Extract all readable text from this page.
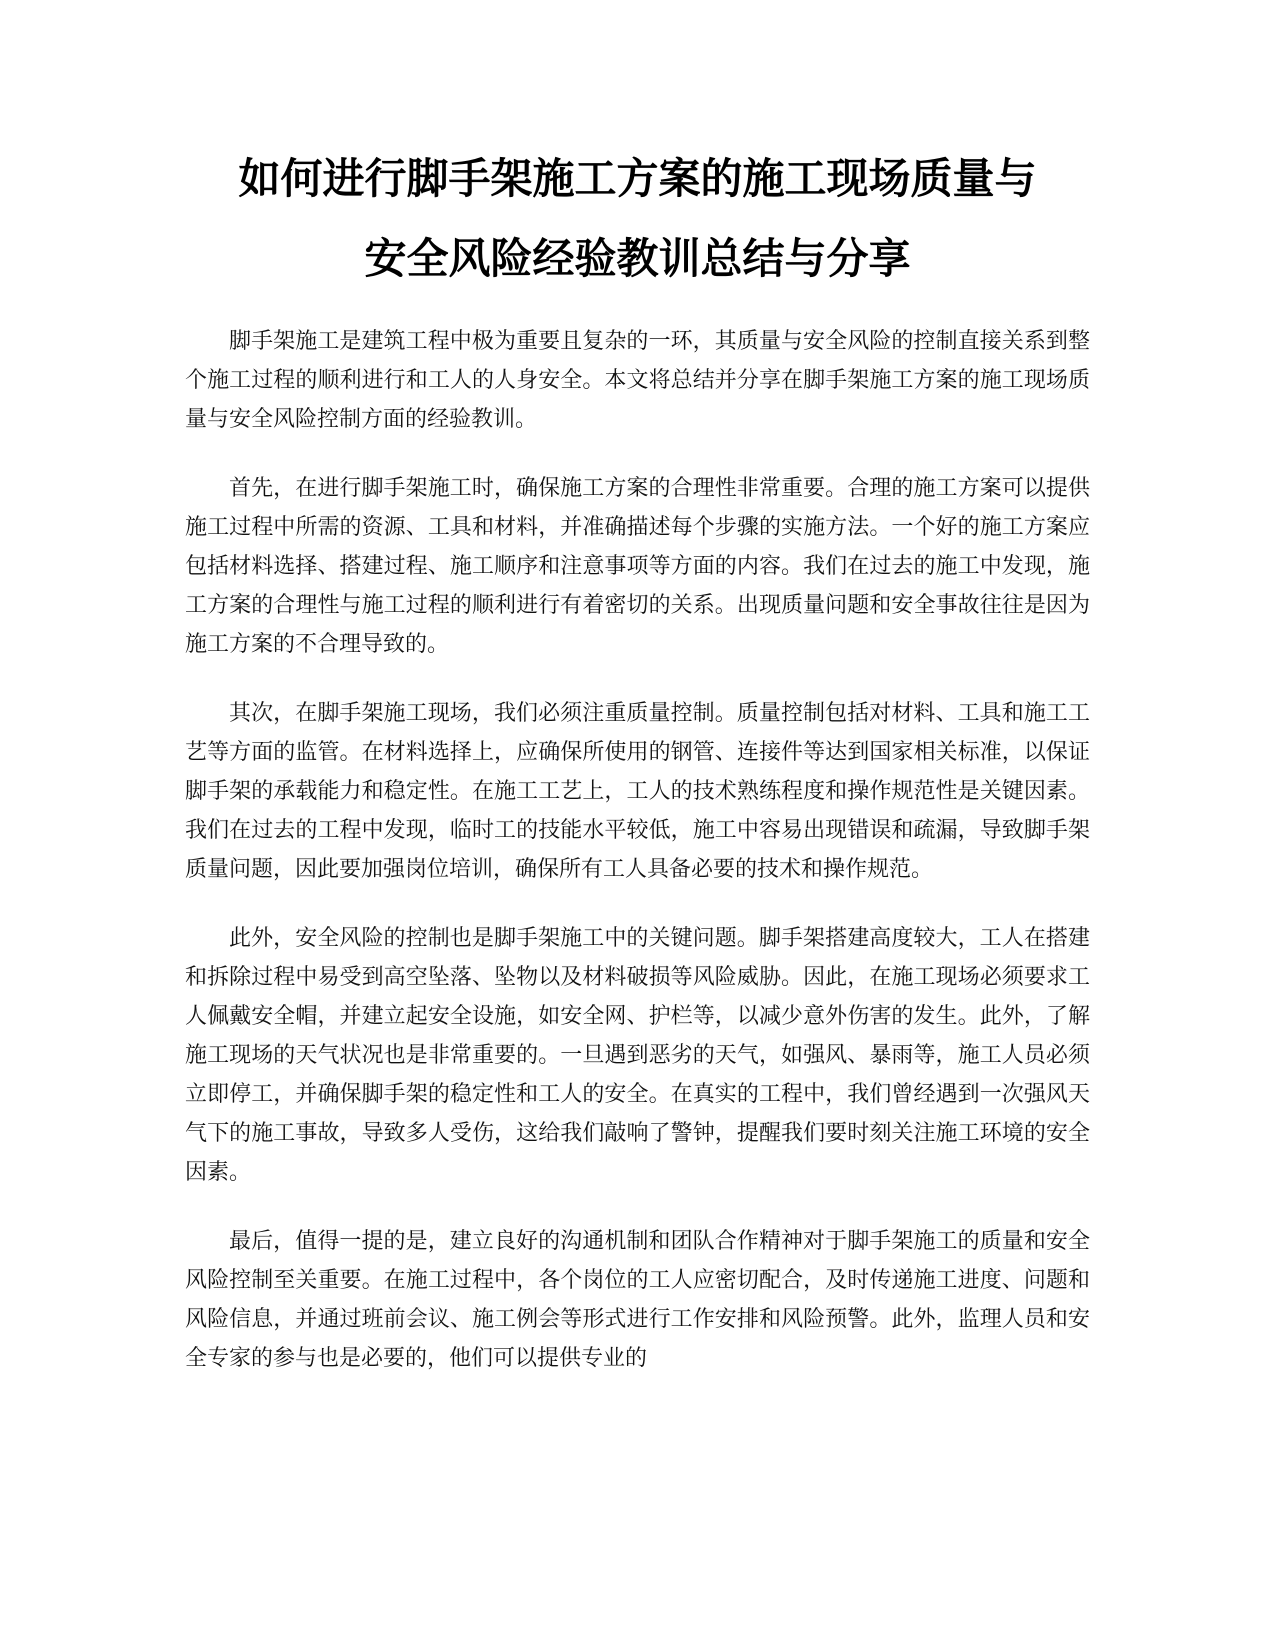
如何进行脚手架施工方案的施工现场质量与
安全风险经验教训总结与分享

脚手架施工是建筑工程中极为重要且复杂的一环，其质量与安全风险的控制直接关系到整个施工过程的顺利进行和工人的人身安全。本文将总结并分享在脚手架施工方案的施工现场质量与安全风险控制方面的经验教训。

首先，在进行脚手架施工时，确保施工方案的合理性非常重要。合理的施工方案可以提供施工过程中所需的资源、工具和材料，并准确描述每个步骤的实施方法。一个好的施工方案应包括材料选择、搭建过程、施工顺序和注意事项等方面的内容。我们在过去的施工中发现，施工方案的合理性与施工过程的顺利进行有着密切的关系。出现质量问题和安全事故往往是因为施工方案的不合理导致的。

其次，在脚手架施工现场，我们必须注重质量控制。质量控制包括对材料、工具和施工工艺等方面的监管。在材料选择上，应确保所使用的钢管、连接件等达到国家相关标准，以保证脚手架的承载能力和稳定性。在施工工艺上，工人的技术熟练程度和操作规范性是关键因素。我们在过去的工程中发现，临时工的技能水平较低，施工中容易出现错误和疏漏，导致脚手架质量问题，因此要加强岗位培训，确保所有工人具备必要的技术和操作规范。

此外，安全风险的控制也是脚手架施工中的关键问题。脚手架搭建高度较大，工人在搭建和拆除过程中易受到高空坠落、坠物以及材料破损等风险威胁。因此，在施工现场必须要求工人佩戴安全帽，并建立起安全设施，如安全网、护栏等，以减少意外伤害的发生。此外，了解施工现场的天气状况也是非常重要的。一旦遇到恶劣的天气，如强风、暴雨等，施工人员必须立即停工，并确保脚手架的稳定性和工人的安全。在真实的工程中，我们曾经遇到一次强风天气下的施工事故，导致多人受伤，这给我们敲响了警钟，提醒我们要时刻关注施工环境的安全因素。

最后，值得一提的是，建立良好的沟通机制和团队合作精神对于脚手架施工的质量和安全风险控制至关重要。在施工过程中，各个岗位的工人应密切配合，及时传递施工进度、问题和风险信息，并通过班前会议、施工例会等形式进行工作安排和风险预警。此外，监理人员和安全专家的参与也是必要的，他们可以提供专业的
